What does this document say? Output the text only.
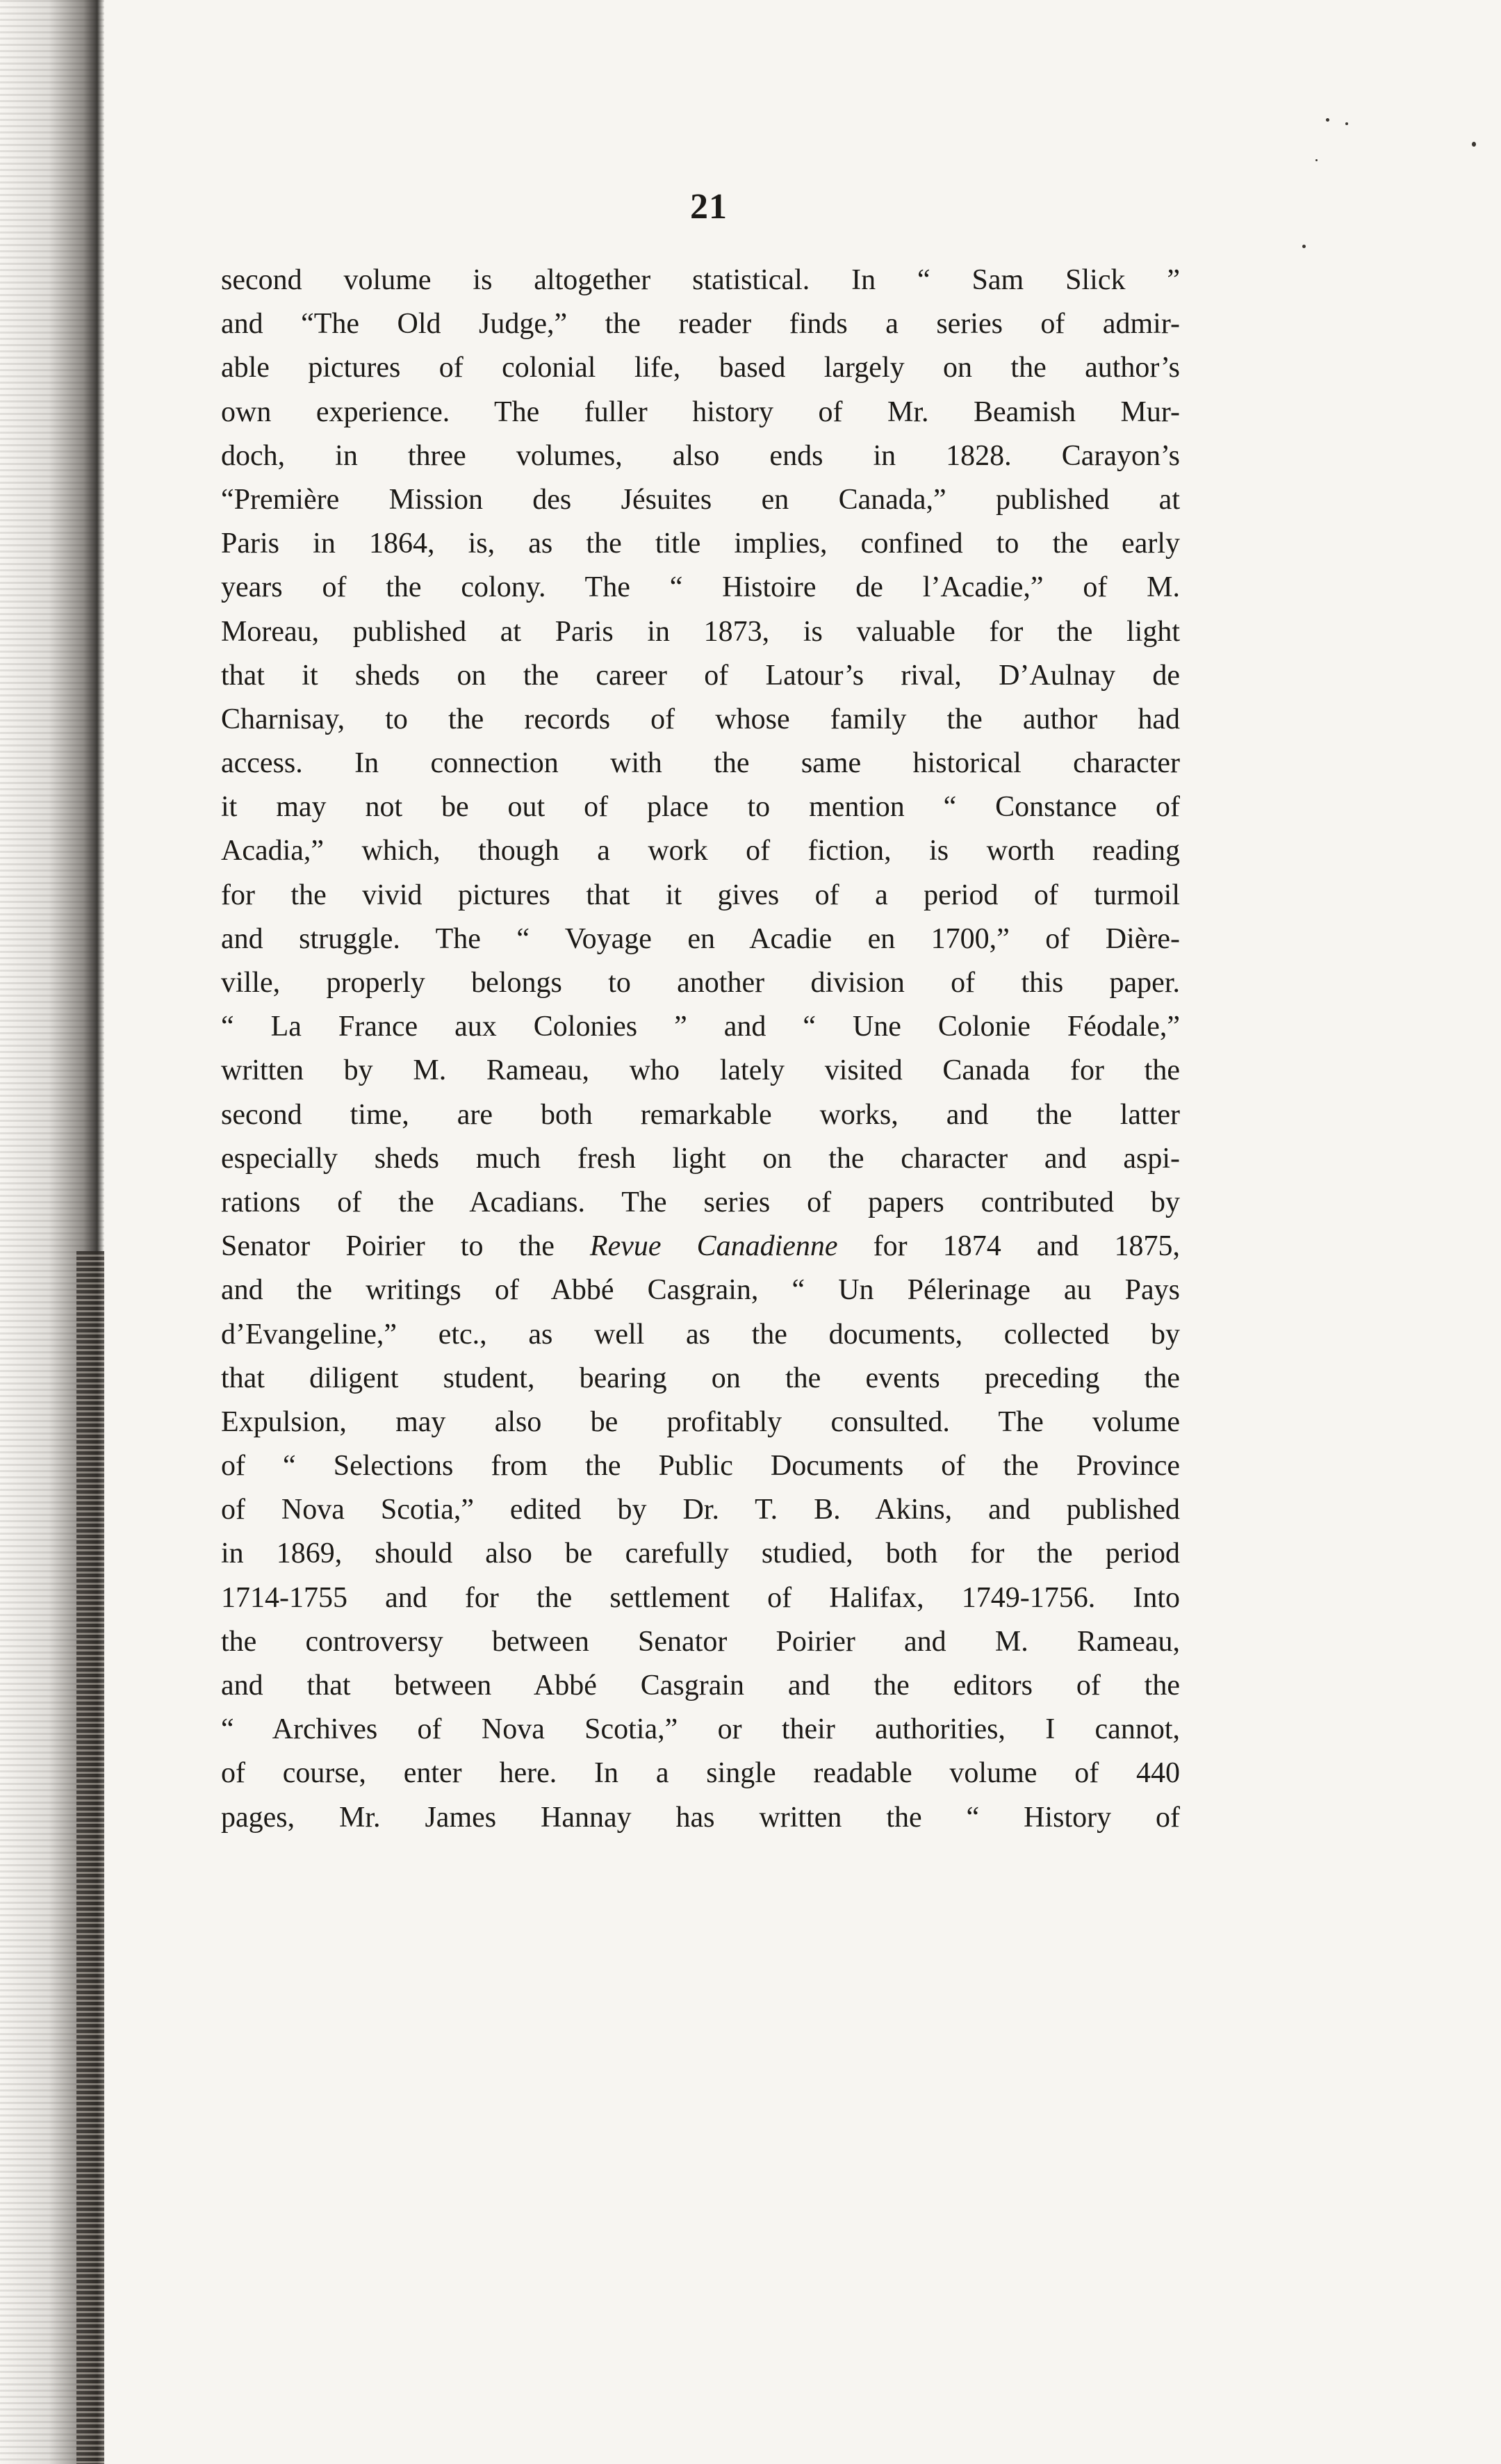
21
second volume is altogether statistical. In “ Sam Slick ”
and “The Old Judge,” the reader finds a series of admir-
able pictures of colonial life, based largely on the author’s
own experience. The fuller history of Mr. Beamish Mur-
doch, in three volumes, also ends in 1828. Carayon’s
“Première Mission des Jésuites en Canada,” published at
Paris in 1864, is, as the title implies, confined to the early
years of the colony. The “ Histoire de l’Acadie,” of M.
Moreau, published at Paris in 1873, is valuable for the light
that it sheds on the career of Latour’s rival, D’Aulnay de
Charnisay, to the records of whose family the author had
access. In connection with the same historical character
it may not be out of place to mention “ Constance of
Acadia,” which, though a work of fiction, is worth reading
for the vivid pictures that it gives of a period of turmoil
and struggle. The “ Voyage en Acadie en 1700,” of Dière-
ville, properly belongs to another division of this paper.
“ La France aux Colonies ” and “ Une Colonie Féodale,”
written by M. Rameau, who lately visited Canada for the
second time, are both remarkable works, and the latter
especially sheds much fresh light on the character and aspi-
rations of the Acadians. The series of papers contributed by
Senator Poirier to the Revue Canadienne for 1874 and 1875,
and the writings of Abbé Casgrain, “ Un Pélerinage au Pays
d’Evangeline,” etc., as well as the documents, collected by
that diligent student, bearing on the events preceding the
Expulsion, may also be profitably consulted. The volume
of “ Selections from the Public Documents of the Province
of Nova Scotia,” edited by Dr. T. B. Akins, and published
in 1869, should also be carefully studied, both for the period
1714-1755 and for the settlement of Halifax, 1749-1756. Into
the controversy between Senator Poirier and M. Rameau,
and that between Abbé Casgrain and the editors of the
“ Archives of Nova Scotia,” or their authorities, I cannot,
of course, enter here. In a single readable volume of 440
pages, Mr. James Hannay has written the “ History of
